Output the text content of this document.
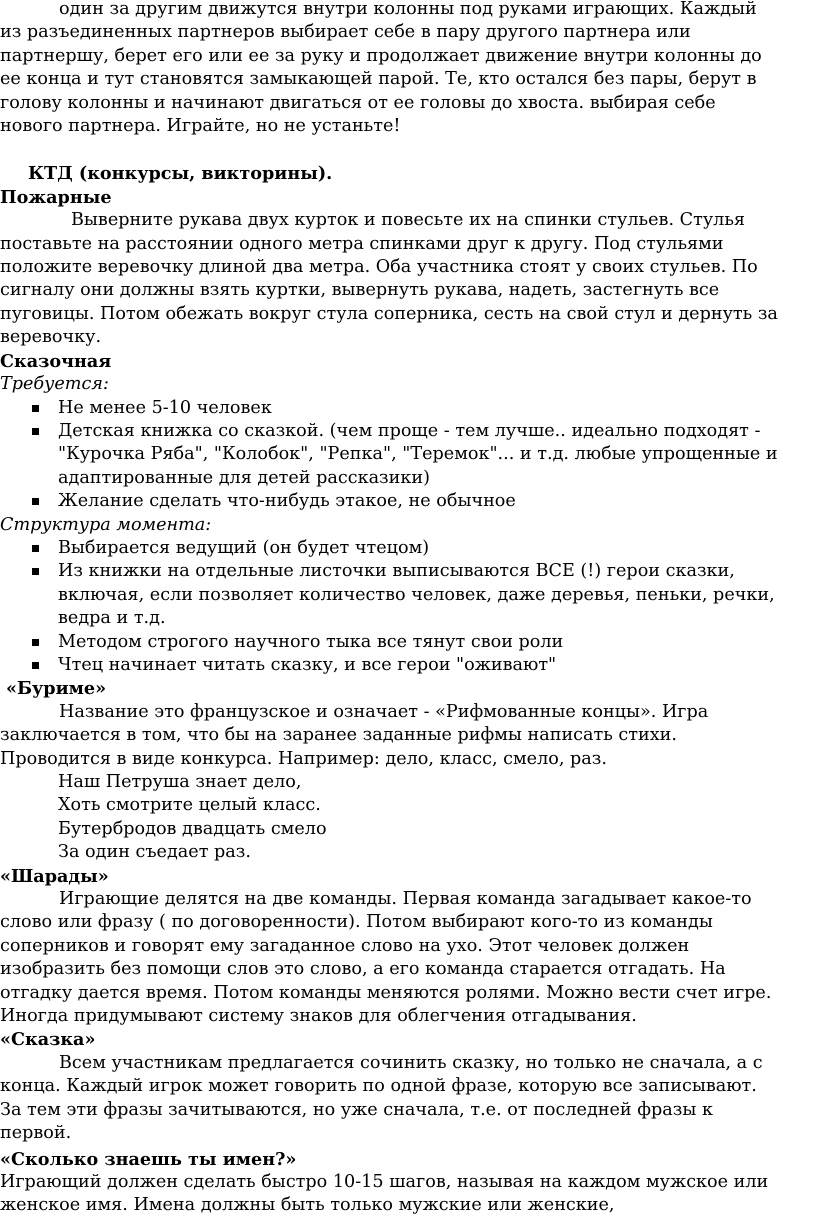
один за другим движутся внутри колонны под руками играющих. Каждый

из разъединенных партнеров выбирает себе в пару другого партнера или

партнершу, берет его или ее за руку и продолжает движение внутри колонны до

ее конца и тут становятся замыкающей парой. Те, кто остался без пары, берут в

голову колонны и начинают двигаться от ее головы до хвоста. выбирая себе

нового партнера. Играйте, но не устаньте!

КТД (конкурсы, викторины).

Пожарные

Выверните рукава двух курток и повесьте их на спинки стульев. Стулья

поставьте на расстоянии одного метра спинками друг к другу. Под стульями

положите веревочку длиной два метра. Оба участника стоят у своих стульев. По

сигналу они должны взять куртки, вывернуть рукава, надеть, застегнуть все

пуговицы. Потом обежать вокруг стула соперника, сесть на свой стул и дернуть за

веревочку.

Сказочная

Требуется:

Не менее 5-10 человек
Детская книжка со сказкой. (чем проще - тем лучше.. идеально подходят -
"Курочка Ряба", "Колобок", "Репка", "Теремок"... и т.д. любые упрощенные и
адаптированные для детей рассказики)
Желание сделать что-нибудь этакое, не обычное

Структура момента:

Выбирается ведущий (он будет чтецом)
Из книжки на отдельные листочки выписываются ВСЕ (!) герои сказки,
включая, если позволяет количество человек, даже деревья, пеньки, речки,
ведра и т.д.
Методом строгого научного тыка все тянут свои роли
Чтец начинает читать сказку, и все герои "оживают"

«Буриме»

Название это французское и означает - «Рифмованные концы». Игра

заключается в том, что бы на заранее заданные рифмы написать стихи.

Проводится в виде конкурса. Например: дело, класс, смело, раз.

Наш Петруша знает дело,

Хоть смотрите целый класс.

Бутербродов двадцать смело

За один съедает раз.

«Шарады»

Играющие делятся на две команды. Первая команда загадывает какое-то

слово или фразу ( по договоренности). Потом выбирают кого-то из команды

соперников и говорят ему загаданное слово на ухо. Этот человек должен

изобразить без помощи слов это слово, а его команда старается отгадать. На

отгадку дается время. Потом команды меняются ролями. Можно вести счет игре.

Иногда придумывают систему знаков для облегчения отгадывания.

«Сказка»

Всем участникам предлагается сочинить сказку, но только не сначала, а с

конца. Каждый игрок может говорить по одной фразе, которую все записывают.

За тем эти фразы зачитываются, но уже сначала, т.е. от последней фразы к

первой.

«Сколько знаешь ты имен?»

Играющий должен сделать быстро 10-15 шагов, называя на каждом мужское или

женское имя. Имена должны быть только мужские или женские,
